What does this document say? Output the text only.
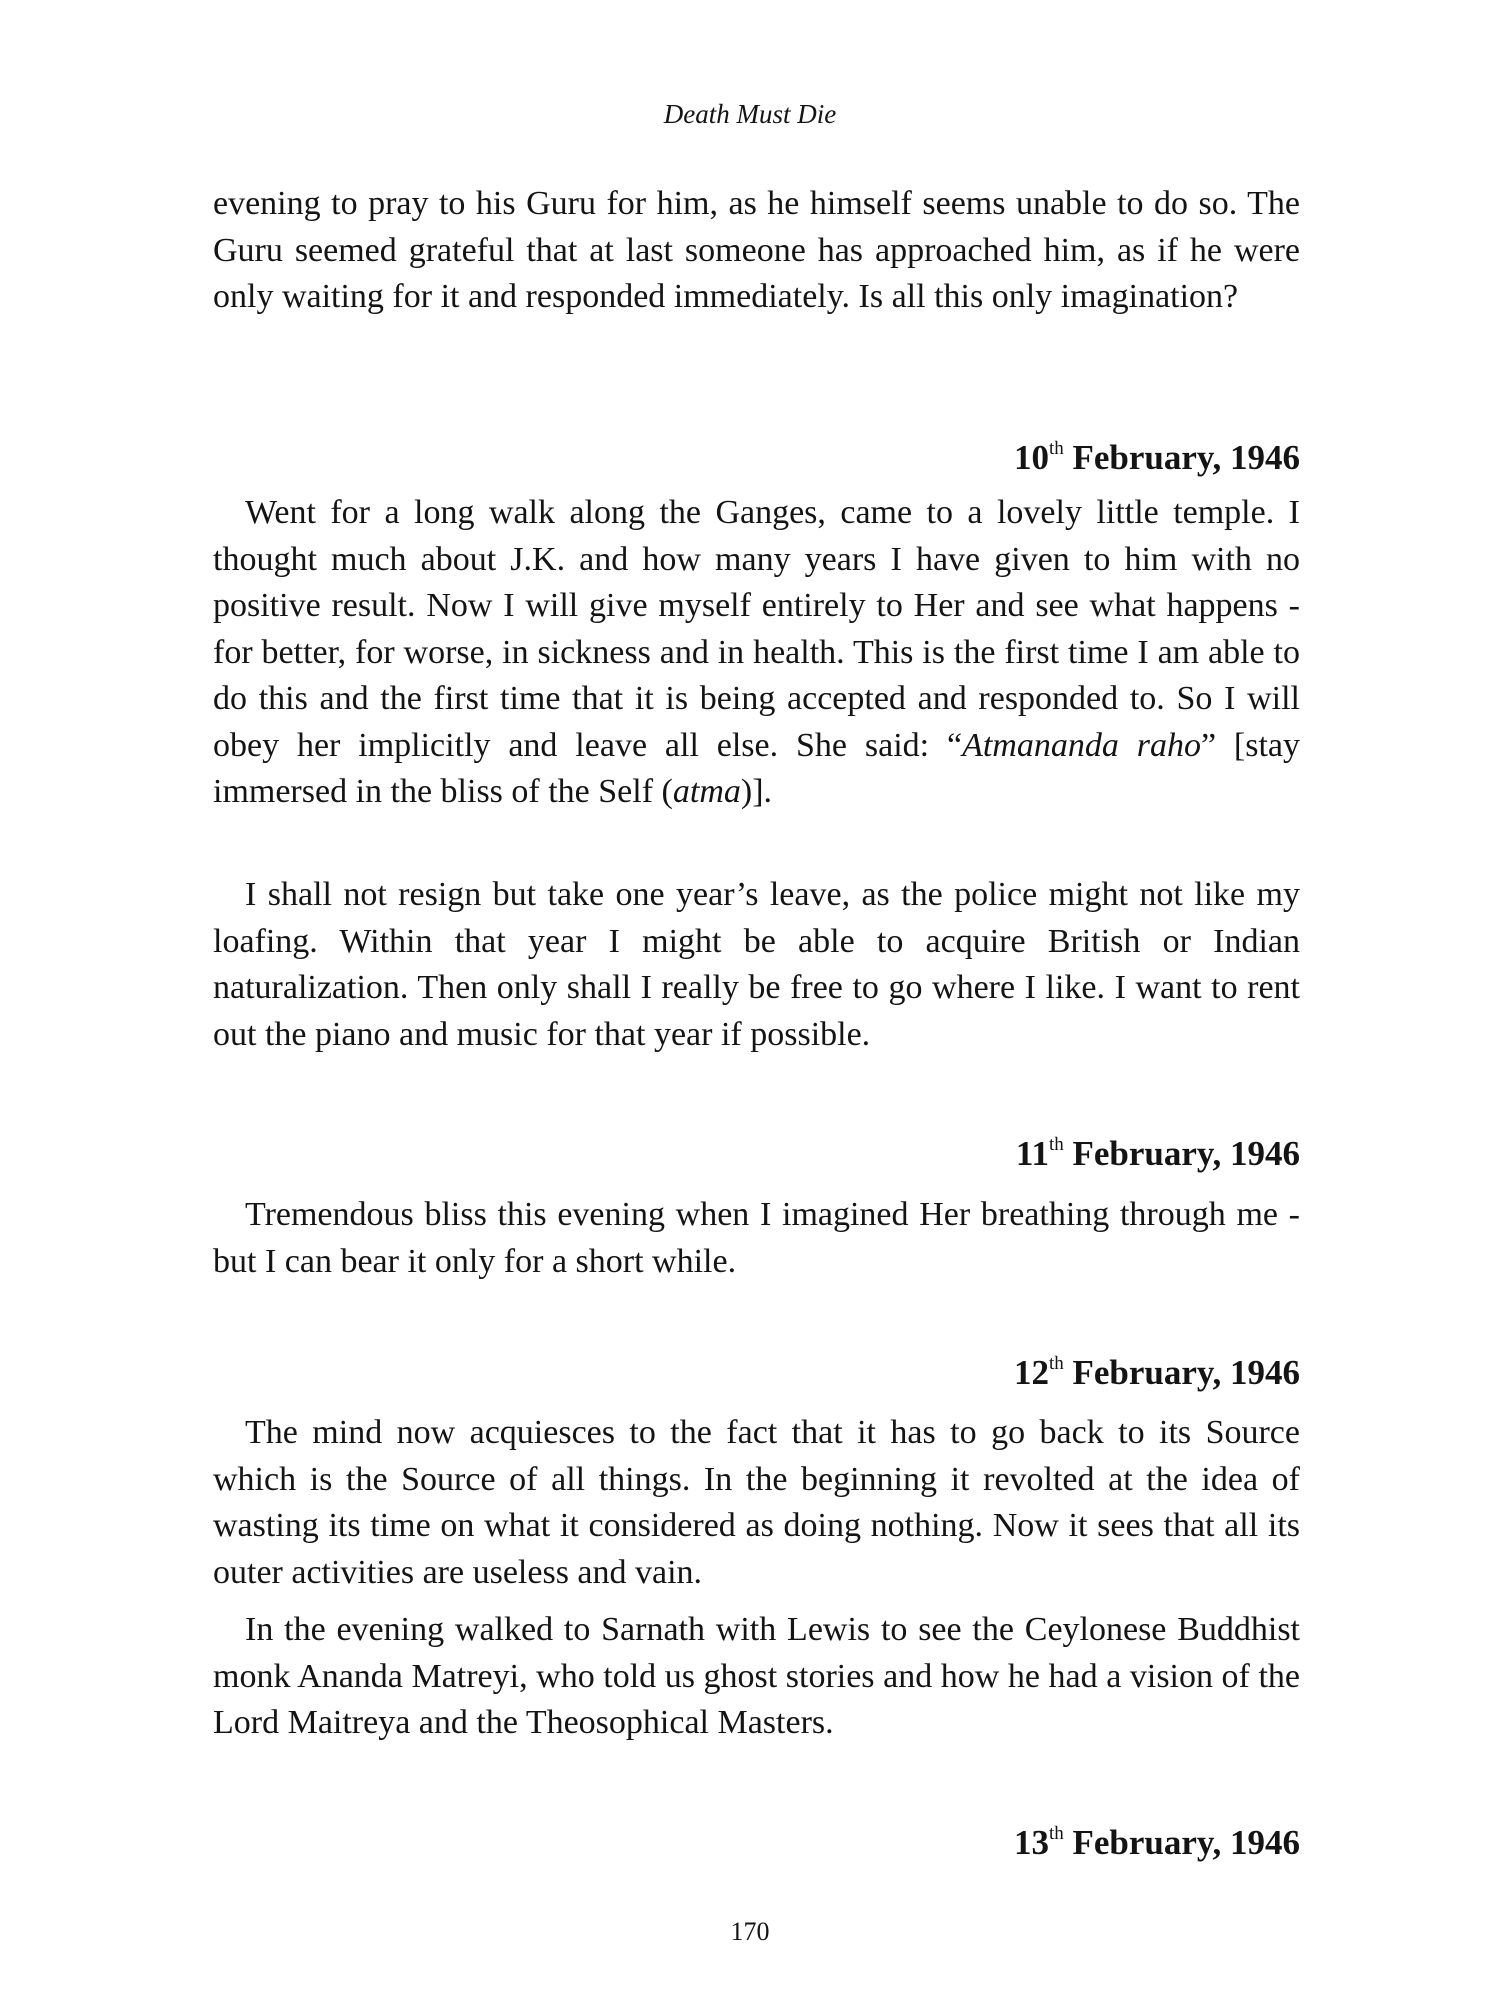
Death Must Die

evening to pray to his Guru for him, as he himself seems unable to do so. The Guru seemed grateful that at last someone has approached him, as if he were only waiting for it and responded immediately. Is all this only imagination?

10th February, 1946

Went for a long walk along the Ganges, came to a lovely little temple. I thought much about J.K. and how many years I have given to him with no positive result. Now I will give myself entirely to Her and see what happens - for better, for worse, in sickness and in health. This is the first time I am able to do this and the first time that it is being accepted and responded to. So I will obey her implicitly and leave all else. She said: “Atmananda raho” [stay immersed in the bliss of the Self (atma)].

I shall not resign but take one year’s leave, as the police might not like my loafing. Within that year I might be able to acquire British or Indian naturalization. Then only shall I really be free to go where I like. I want to rent out the piano and music for that year if possible.

11th February, 1946

Tremendous bliss this evening when I imagined Her breathing through me - but I can bear it only for a short while.

12th February, 1946

The mind now acquiesces to the fact that it has to go back to its Source which is the Source of all things. In the beginning it revolted at the idea of wasting its time on what it considered as doing nothing. Now it sees that all its outer activities are useless and vain.

In the evening walked to Sarnath with Lewis to see the Ceylonese Buddhist monk Ananda Matreyi, who told us ghost stories and how he had a vision of the Lord Maitreya and the Theosophical Masters.

13th February, 1946
170
